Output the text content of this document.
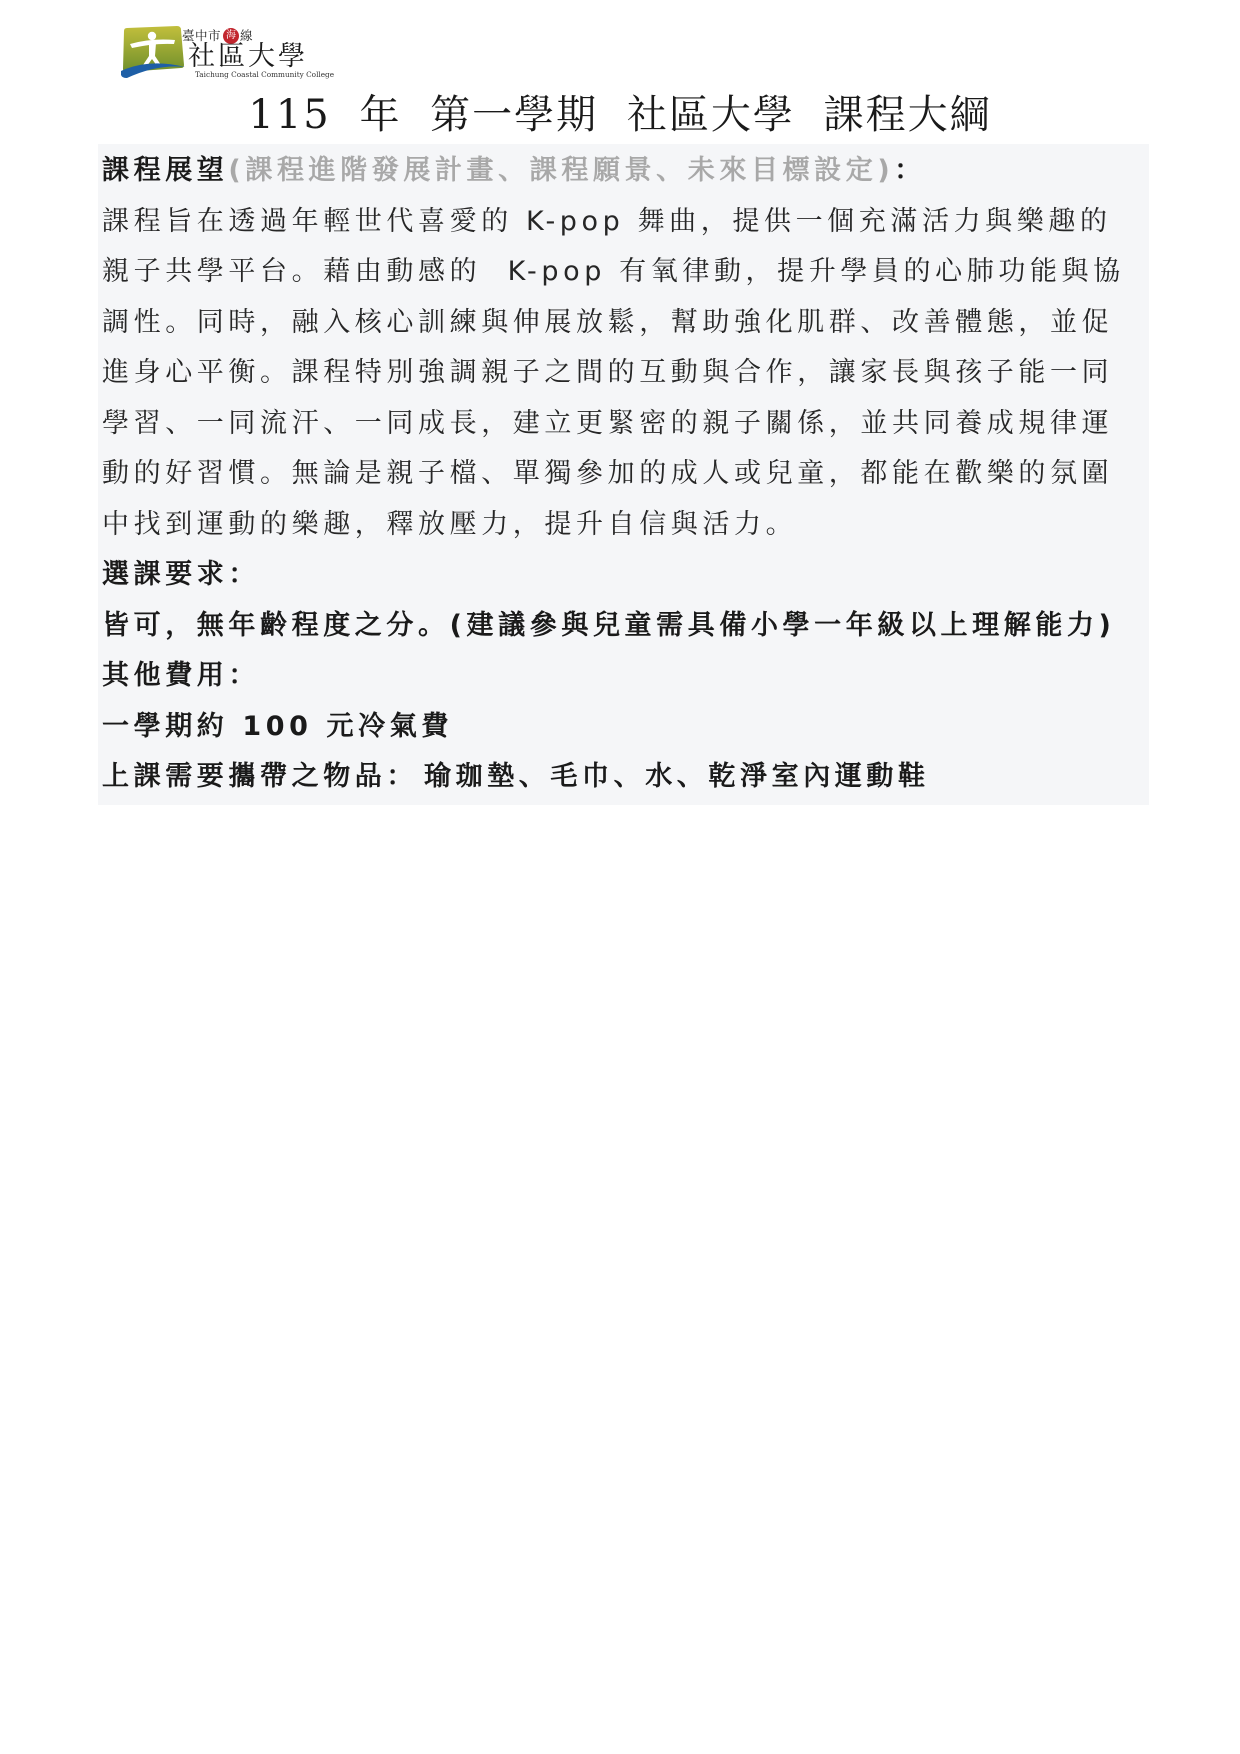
臺中市 海 線
社區大學
Taichung Coastal Community College
115 年 第一學期 社區大學 課程大綱
課程展望(課程進階發展計畫、課程願景、未來目標設定)：
課程旨在透過年輕世代喜愛的 K-pop 舞曲，提供一個充滿活力與樂趣的
親子共學平台。藉由動感的  K-pop 有氧律動，提升學員的心肺功能與協
調性。同時，融入核心訓練與伸展放鬆，幫助強化肌群、改善體態，並促
進身心平衡。課程特別強調親子之間的互動與合作，讓家長與孩子能一同
學習、一同流汗、一同成長，建立更緊密的親子關係，並共同養成規律運
動的好習慣。無論是親子檔、單獨參加的成人或兒童，都能在歡樂的氛圍
中找到運動的樂趣，釋放壓力，提升自信與活力。
選課要求：
皆可，無年齡程度之分。(建議參與兒童需具備小學一年級以上理解能力)
其他費用：
一學期約 100 元冷氣費
上課需要攜帶之物品： 瑜珈墊、毛巾、水、乾淨室內運動鞋
